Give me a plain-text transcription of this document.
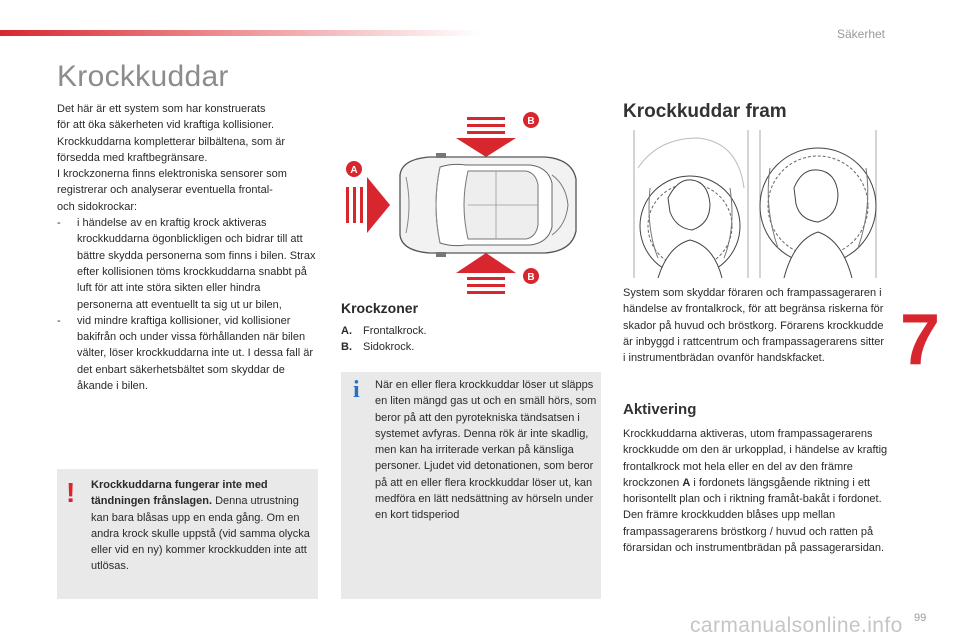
Säkerhet
Krockkuddar
Det här är ett system som har konstruerats
för att öka säkerheten vid kraftiga kollisioner.
Krockkuddarna kompletterar bilbältena, som är
försedda med kraftbegränsare.
I krockzonerna finns elektroniska sensorer som
registrerar och analyserar eventuella frontal-
och sidokrockar:
-	i händelse av en kraftig krock aktiveras krockkuddarna ögonblickligen och bidrar till att bättre skydda personerna som finns i bilen. Strax efter kollisionen töms krockkuddarna snabbt på luft för att inte störa sikten eller hindra personerna att eventuellt ta sig ut ur bilen,
-	vid mindre kraftiga kollisioner, vid kollisioner bakifrån och under vissa förhållanden när bilen välter, löser krockkuddarna inte ut. I dessa fall är det enbart säkerhetsbältet som skyddar de åkande i bilen.
! Krockkuddarna fungerar inte med tändningen frånslagen. Denna utrustning kan bara blåsas upp en enda gång. Om en andra krock skulle uppstå (vid samma olycka eller vid en ny) kommer krockkudden inte att utlösas.
A
B
B
Krockzoner
A.	Frontalkrock.
B.	Sidokrock.
i När en eller flera krockkuddar löser ut släpps en liten mängd gas ut och en smäll hörs, som beror på att den pyrotekniska tändsatsen i systemet avfyras. Denna rök är inte skadlig, men kan ha irriterade verkan på känsliga personer. Ljudet vid detonationen, som beror på att en eller flera krockkuddar löser ut, kan medföra en lätt nedsättning av hörseln under en kort tidsperiod
Krockkuddar fram
System som skyddar föraren och frampassageraren i händelse av frontalkrock, för att begränsa riskerna för skador på huvud och bröstkorg. Förarens krockkudde är inbyggd i rattcentrum och frampassagerarens sitter i instrumentbrädan ovanför handskfacket.
Aktivering
Krockkuddarna aktiveras, utom frampassagerarens krockkudde om den är urkopplad, i händelse av kraftig frontalkrock mot hela eller en del av den främre krockzonen A i fordonets längsgående riktning i ett horisontellt plan och i riktning framåt-bakåt i fordonet. Den främre krockkudden blåses upp mellan frampassagerarens bröstkorg / huvud och ratten på förarsidan och instrumentbrädan på passagerarsidan.
7
99
carmanualsonline.info
